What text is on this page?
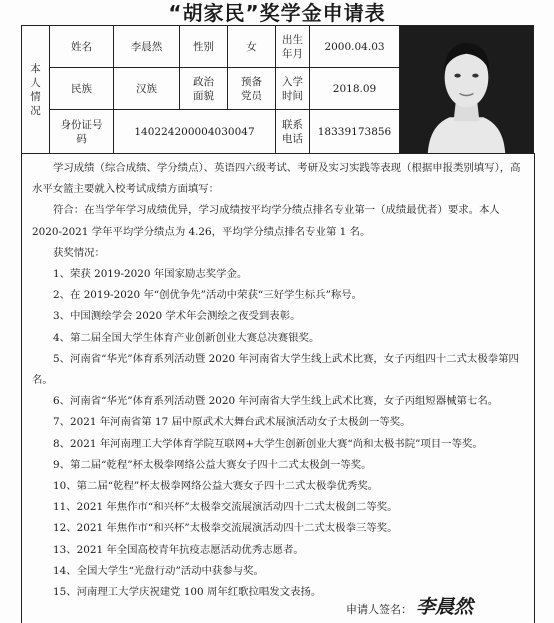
“胡家民”奖学金申请表
本
人
情
况	姓名	李晨然	性别	女	出生年月	2000.04.03	

	民族	汉族	政治面貌	预备党员	入学时间	2018.09	

	身份证号码	140224200004030047			联系电话	18339173856	

学习成绩（综合成绩、学分绩点）、英语四六级考试、考研及实习实践等表现（根据申报类别填写），高水平女篮主要就入校考试成绩方面填写：

符合：在当学年学习成绩优异，学习成绩按平均学分绩点排名专业第一（成绩最优者）要求。本人 2020-2021 学年平均学分绩点为 4.26，平均学分绩点排名专业第 1 名。

获奖情况：

1、荣获 2019-2020 年国家励志奖学金。

2、在 2019-2020 年“创优争先”活动中荣获“三好学生标兵”称号。

3、中国测绘学会 2020 学术年会测绘之夜受到表彰。

4、第二届全国大学生体育产业创新创业大赛总决赛银奖。

5、河南省“华光”体育系列活动暨 2020 年河南省大学生线上武术比赛，女子丙组四十二式太极拳第四名。

6、河南省“华光”体育系列活动暨 2020 年河南省大学生线上武术比赛，女子丙组短器械第七名。

7、2021 年河南省第 17 届中原武术大舞台武术展演活动女子太极剑一等奖。

8、2021 年河南理工大学体育学院互联网+大学生创新创业大赛“尚和太极书院”项目一等奖。

9、第二届“乾程”杯太极拳网络公益大赛女子四十二式太极剑一等奖。

10、第二届“乾程”杯太极拳网络公益大赛女子四十二式太极拳优秀奖。

11、2021 年焦作市“和兴杯”太极拳交流展演活动四十二式太极剑二等奖。

12、2021 年焦作市“和兴杯”太极拳交流展演活动四十二式太极拳三等奖。

13、2021 年全国高校青年抗疫志愿活动优秀志愿者。

14、全国大学生“光盘行动”活动中获参与奖。

15、河南理工大学庆祝建党 100 周年红歌拉唱发文表扬。

申请人签名： 李晨然
